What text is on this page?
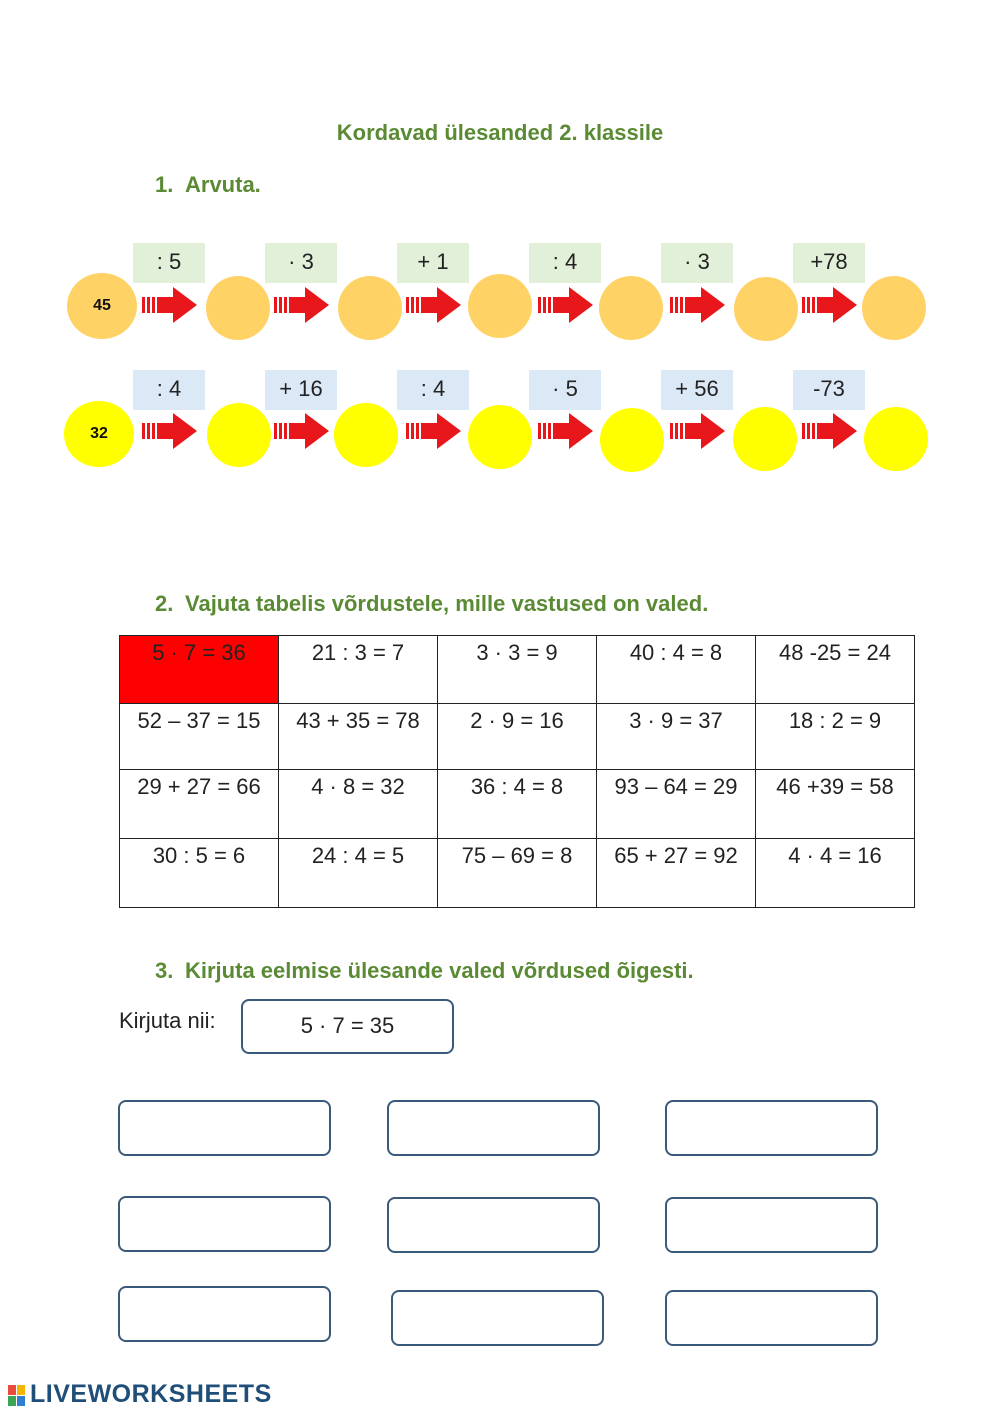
Kordavad ülesanded 2. klassile
1. Arvuta.
: 5	· 3	+ 1	: 4	· 3	+78
45
: 4	+ 16	: 4	· 5	+ 56	-73
32
2. Vajuta tabelis võrdustele, mille vastused on valed.
5 · 7 = 36	21 : 3 = 7	3 · 3 = 9	40 : 4 = 8	48 -25 = 24
52 – 37 = 15	43 + 35 = 78	2 · 9 = 16	3 · 9 = 37	18 : 2 = 9
29 + 27 = 66	4 · 8 = 32	36 : 4 = 8	93 – 64 = 29	46 +39 = 58
30 : 5 = 6	24 : 4 = 5	75 – 69 = 8	65 + 27 = 92	4 · 4 = 16
3. Kirjuta eelmise ülesande valed võrdused õigesti.
Kirjuta nii:	5 · 7 = 35
LIVEWORKSHEETS
